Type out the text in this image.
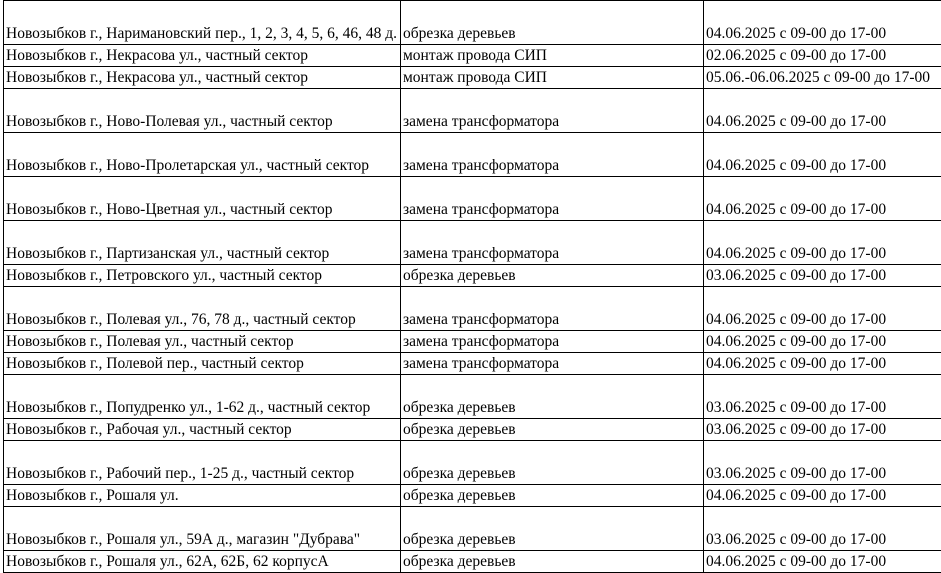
Новозыбков г., Наримановский пер., 1, 2, 3, 4, 5, 6, 46, 48 д.	обрезка деревьев	04.06.2025 с 09-00 до 17-00
Новозыбков г., Некрасова ул., частный сектор	монтаж провода СИП	02.06.2025 с 09-00 до 17-00
Новозыбков г., Некрасова ул., частный сектор	монтаж провода СИП	05.06.-06.06.2025 с 09-00 до 17-00
Новозыбков г., Ново-Полевая ул., частный сектор	замена трансформатора	04.06.2025 с 09-00 до 17-00
Новозыбков г., Ново-Пролетарская ул., частный сектор	замена трансформатора	04.06.2025 с 09-00 до 17-00
Новозыбков г., Ново-Цветная ул., частный сектор	замена трансформатора	04.06.2025 с 09-00 до 17-00
Новозыбков г., Партизанская ул., частный сектор	замена трансформатора	04.06.2025 с 09-00 до 17-00
Новозыбков г., Петровского ул., частный сектор	обрезка деревьев	03.06.2025 с 09-00 до 17-00
Новозыбков г., Полевая ул., 76, 78 д., частный сектор	замена трансформатора	04.06.2025 с 09-00 до 17-00
Новозыбков г., Полевая ул., частный сектор	замена трансформатора	04.06.2025 с 09-00 до 17-00
Новозыбков г., Полевой пер., частный сектор	замена трансформатора	04.06.2025 с 09-00 до 17-00
Новозыбков г., Попудренко ул., 1-62 д., частный сектор	обрезка деревьев	03.06.2025 с 09-00 до 17-00
Новозыбков г., Рабочая ул., частный сектор	обрезка деревьев	03.06.2025 с 09-00 до 17-00
Новозыбков г., Рабочий пер., 1-25 д., частный сектор	обрезка деревьев	03.06.2025 с 09-00 до 17-00
Новозыбков г., Рошаля ул.	обрезка деревьев	04.06.2025 с 09-00 до 17-00
Новозыбков г., Рошаля ул., 59А д., магазин "Дубрава"	обрезка деревьев	03.06.2025 с 09-00 до 17-00
Новозыбков г., Рошаля ул., 62А, 62Б, 62 корпусА	обрезка деревьев	04.06.2025 с 09-00 до 17-00
